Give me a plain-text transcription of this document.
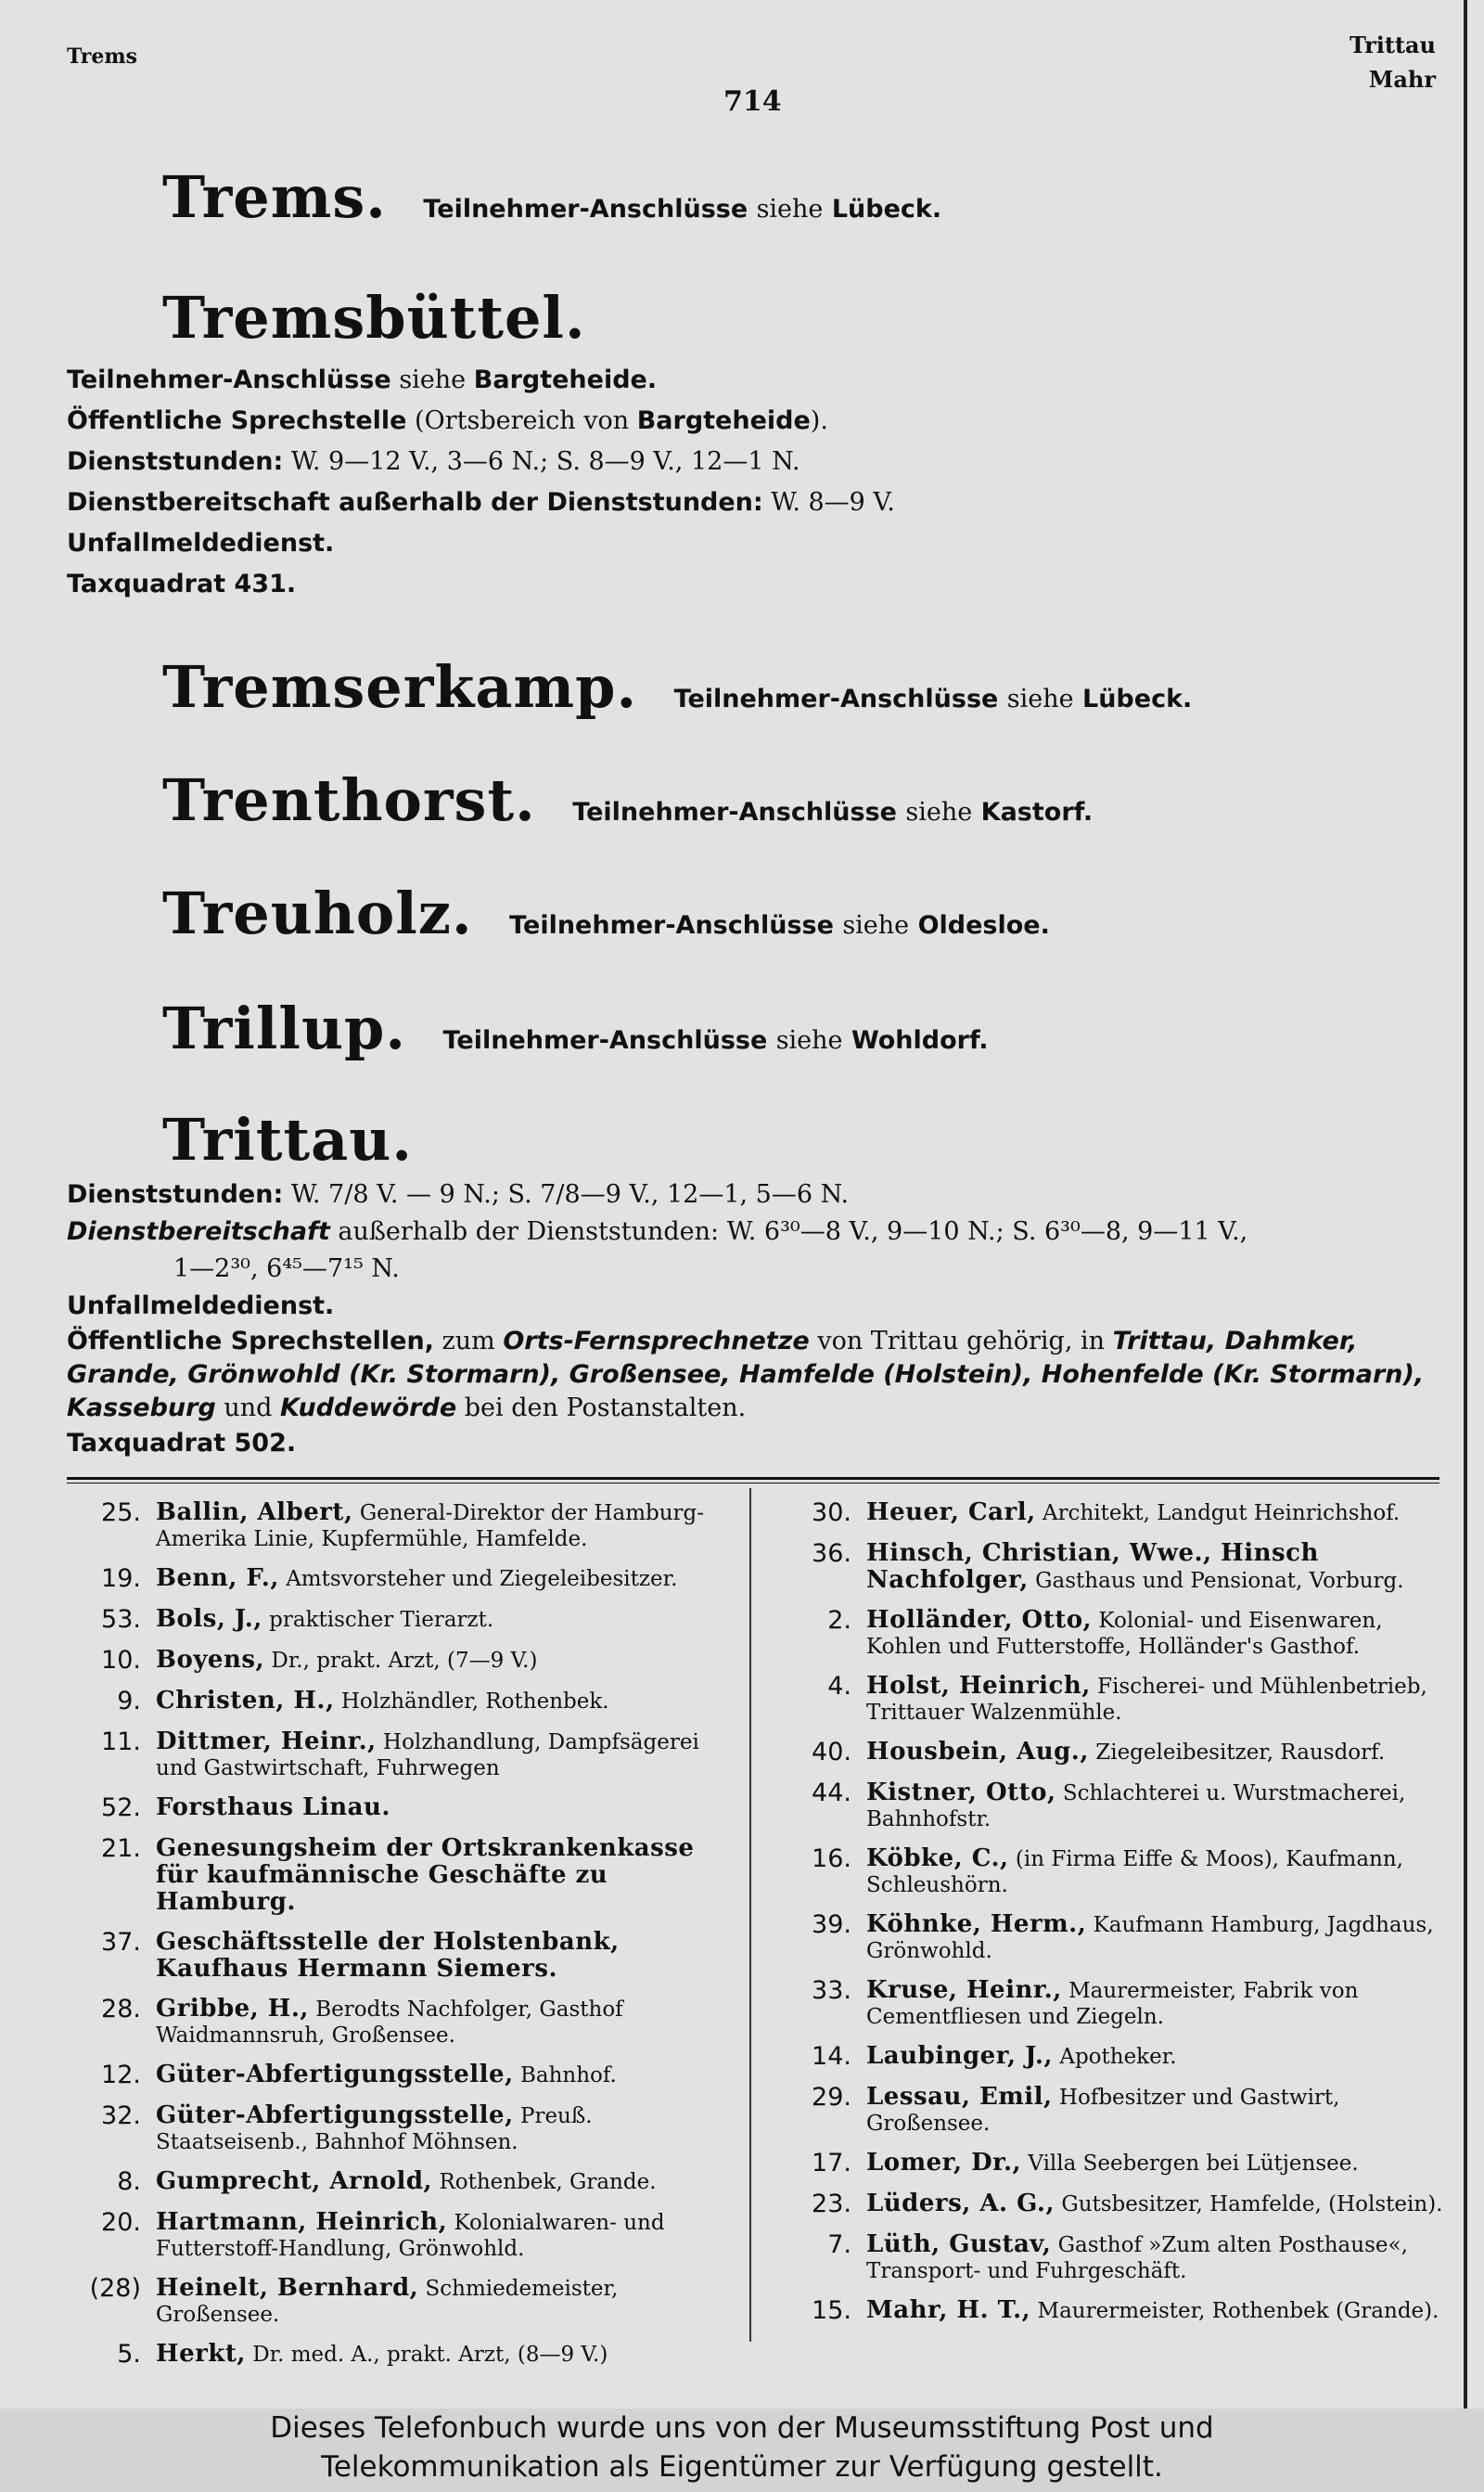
Trems	Trittau
Mahr
714
Trems. Teilnehmer-Anschlüsse siehe Lübeck.
Tremsbüttel.
Teilnehmer-Anschlüsse siehe Bargteheide.
Öffentliche Sprechstelle (Ortsbereich von Bargteheide).
Dienststunden: W. 9—12 V., 3—6 N.; S. 8—9 V., 12—1 N.
Dienstbereitschaft außerhalb der Dienststunden: W. 8—9 V.
Unfallmeldedienst.
Taxquadrat 431.
Tremserkamp. Teilnehmer-Anschlüsse siehe Lübeck.
Trenthorst. Teilnehmer-Anschlüsse siehe Kastorf.
Treuholz. Teilnehmer-Anschlüsse siehe Oldesloe.
Trillup. Teilnehmer-Anschlüsse siehe Wohldorf.
Trittau.
Dienststunden: W. 7/8 V. — 9 N.; S. 7/8—9 V., 12—1, 5—6 N.
Dienstbereitschaft außerhalb der Dienststunden: W. 6³⁰—8 V., 9—10 N.; S. 6³⁰—8, 9—11 V.,
1—2³⁰, 6⁴⁵—7¹⁵ N.
Unfallmeldedienst.
Öffentliche Sprechstellen, zum Orts-Fernsprechnetze von Trittau gehörig, in Trittau, Dahmker, Grande, Grönwohld (Kr. Stormarn), Großensee, Hamfelde (Holstein), Hohenfelde (Kr. Stormarn), Kasseburg und Kuddewörde bei den Postanstalten.
Taxquadrat 502.
25. Ballin, Albert, General-Direktor der Hamburg-Amerika Linie, Kupfermühle, Hamfelde.
19. Benn, F., Amtsvorsteher und Ziegeleibesitzer.
53. Bols, J., praktischer Tierarzt.
10. Boyens, Dr., prakt. Arzt, (7—9 V.)
9. Christen, H., Holzhändler, Rothenbek.
11. Dittmer, Heinr., Holzhandlung, Dampfsägerei und Gastwirtschaft, Fuhrwegen
52. Forsthaus Linau.
21. Genesungsheim der Ortskrankenkasse für kaufmännische Geschäfte zu Hamburg.
37. Geschäftsstelle der Holstenbank, Kaufhaus Hermann Siemers.
28. Gribbe, H., Berodts Nachfolger, Gasthof Waidmannsruh, Großensee.
12. Güter-Abfertigungsstelle, Bahnhof.
32. Güter-Abfertigungsstelle, Preuß. Staatseisenb., Bahnhof Möhnsen.
8. Gumprecht, Arnold, Rothenbek, Grande.
20. Hartmann, Heinrich, Kolonialwaren- und Futterstoff-Handlung, Grönwohld.
(28) Heinelt, Bernhard, Schmiedemeister, Großensee.
5. Herkt, Dr. med. A., prakt. Arzt, (8—9 V.)
30. Heuer, Carl, Architekt, Landgut Heinrichshof.
36. Hinsch, Christian, Wwe., Hinsch Nachfolger, Gasthaus und Pensionat, Vorburg.
2. Holländer, Otto, Kolonial- und Eisenwaren, Kohlen und Futterstoffe, Holländer's Gasthof.
4. Holst, Heinrich, Fischerei- und Mühlenbetrieb, Trittauer Walzenmühle.
40. Housbein, Aug., Ziegeleibesitzer, Rausdorf.
44. Kistner, Otto, Schlachterei u. Wurstmacherei, Bahnhofstr.
16. Köbke, C., (in Firma Eiffe & Moos), Kaufmann, Schleushörn.
39. Köhnke, Herm., Kaufmann Hamburg, Jagdhaus, Grönwohld.
33. Kruse, Heinr., Maurermeister, Fabrik von Cementfliesen und Ziegeln.
14. Laubinger, J., Apotheker.
29. Lessau, Emil, Hofbesitzer und Gastwirt, Großensee.
17. Lomer, Dr., Villa Seebergen bei Lütjensee.
23. Lüders, A. G., Gutsbesitzer, Hamfelde, (Holstein).
7. Lüth, Gustav, Gasthof »Zum alten Posthause«, Transport- und Fuhrgeschäft.
15. Mahr, H. T., Maurermeister, Rothenbek (Grande).
Dieses Telefonbuch wurde uns von der Museumsstiftung Post und
Telekommunikation als Eigentümer zur Verfügung gestellt.
